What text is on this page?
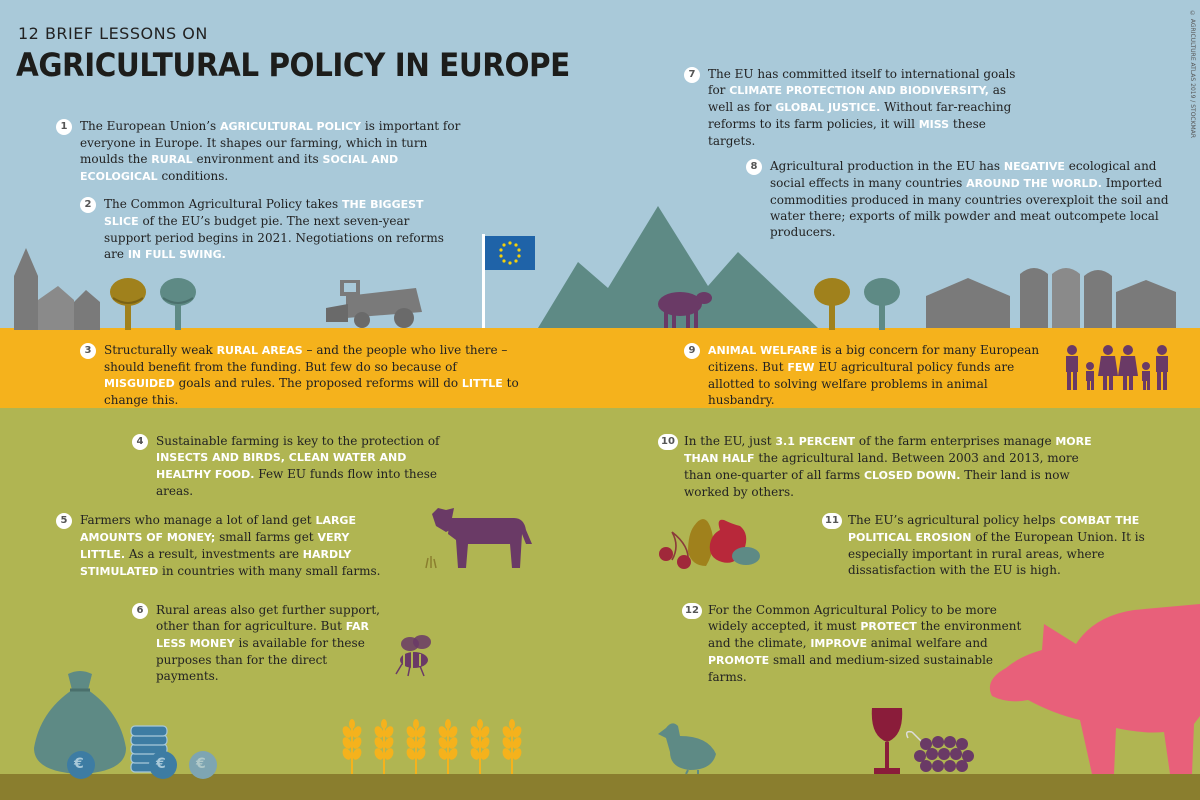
12 BRIEF LESSONS ON
AGRICULTURAL POLICY IN EUROPE	© AGRICULTURE ATLAS 2019 / STOCKMAR
€	€ €
1	The European Union’s AGRICULTURAL POLICY is important for everyone in Europe. It shapes our farming, which in turn moulds the RURAL environment and its SOCIAL AND ECOLOGICAL conditions.
2	The Common Agricultural Policy takes THE BIGGEST SLICE of the EU’s budget pie. The next seven-year support period begins in 2021. Negotiations on reforms are IN FULL SWING.
3	Structurally weak RURAL AREAS – and the people who live there – should benefit from the funding. But few do so because of MISGUIDED goals and rules. The proposed reforms will do LITTLE to change this.
4	Sustainable farming is key to the protection of INSECTS AND BIRDS, CLEAN WATER AND HEALTHY FOOD. Few EU funds flow into these areas.
5	Farmers who manage a lot of land get LARGE AMOUNTS OF MONEY; small farms get VERY LITTLE. As a result, investments are HARDLY STIMULATED in countries with many small farms.
6	Rural areas also get further support, other than for agriculture. But FAR LESS MONEY is available for these purposes than for the direct payments.
7	The EU has committed itself to international goals for CLIMATE PROTECTION AND BIODIVERSITY, as well as for GLOBAL JUSTICE. Without far-reaching reforms to its farm policies, it will MISS these targets.
8	Agricultural production in the EU has NEGATIVE ecological and social effects in many countries AROUND THE WORLD. Imported commodities produced in many countries overexploit the soil and water there; exports of milk powder and meat outcompete local producers.
9	ANIMAL WELFARE is a big concern for many European citizens. But FEW EU agricultural policy funds are allotted to solving welfare problems in animal husbandry.
10 In the EU, just 3.1 PERCENT of the farm enterprises manage MORE THAN HALF the agricultural land. Between 2003 and 2013, more than one-quarter of all farms CLOSED DOWN. Their land is now worked by others.
11 The EU’s agricultural policy helps COMBAT THE POLITICAL EROSION of the European Union. It is especially important in rural areas, where dissatisfaction with the EU is high.
12 For the Common Agricultural Policy to be more widely accepted, it must PROTECT the environment and the climate, IMPROVE animal welfare and PROMOTE small and medium-sized sustainable farms.
